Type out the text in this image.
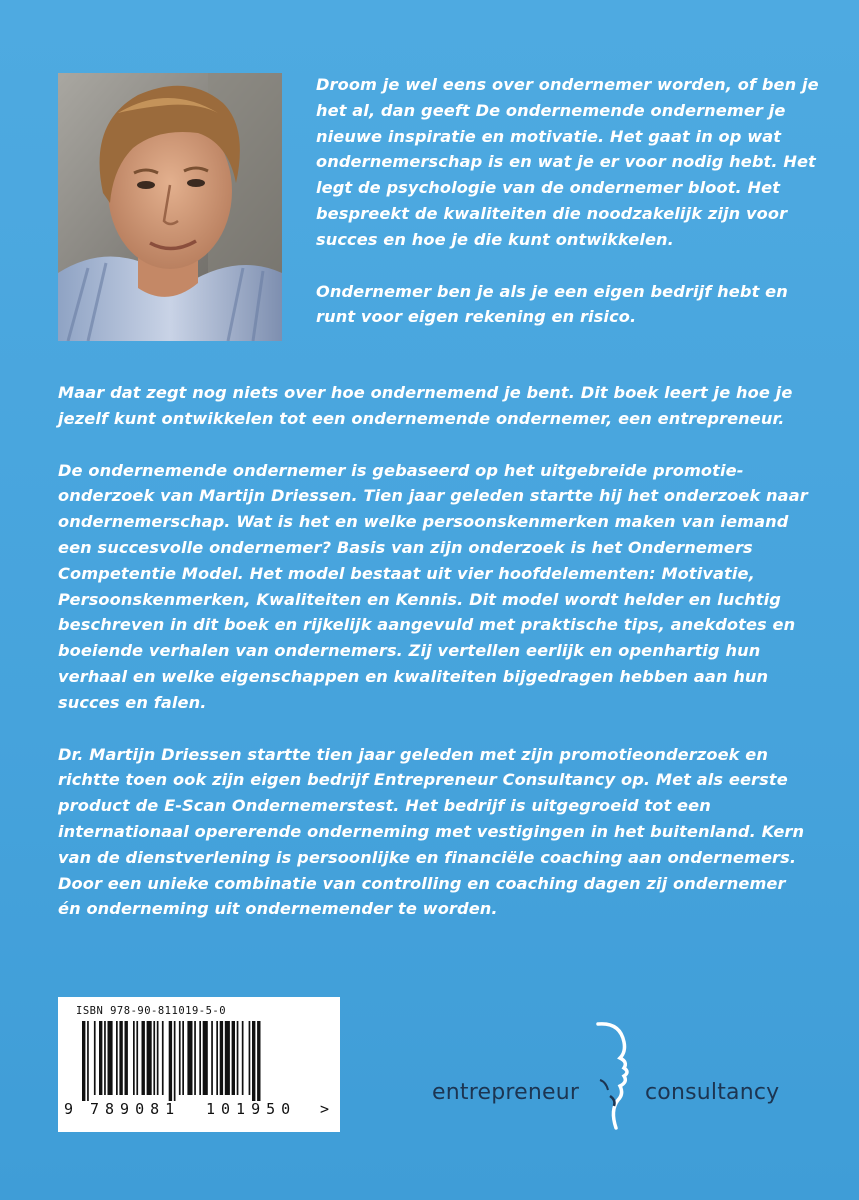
Droom je wel eens over ondernemer worden, of ben je het al, dan geeft De ondernemende ondernemer je nieuwe inspiratie en motivatie. Het gaat in op wat ondernemerschap is en wat je er voor nodig hebt. Het legt de psychologie van de ondernemer bloot. Het bespreekt de kwaliteiten die noodzakelijk zijn voor succes en hoe je die kunt ontwikkelen.

Ondernemer ben je als je een eigen bedrijf hebt en runt voor eigen rekening en risico.

Maar dat zegt nog niets over hoe ondernemend je bent. Dit boek leert je hoe je jezelf kunt ontwikkelen tot een ondernemende ondernemer, een entrepreneur.

De ondernemende ondernemer is gebaseerd op het uitgebreide promotie-onderzoek van Martijn Driessen. Tien jaar geleden startte hij het onderzoek naar ondernemerschap. Wat is het en welke persoonskenmerken maken van iemand een succesvolle ondernemer? Basis van zijn onderzoek is het Ondernemers Competentie Model. Het model bestaat uit vier hoofdelementen: Motivatie, Persoonskenmerken, Kwaliteiten en Kennis. Dit model wordt helder en luchtig beschreven in dit boek en rijkelijk aangevuld met praktische tips, anekdotes en boeiende verhalen van ondernemers. Zij vertellen eerlijk en openhartig hun verhaal en welke eigenschappen en kwaliteiten bijgedragen hebben aan hun succes en falen.

Dr. Martijn Driessen startte tien jaar geleden met zijn promotieonderzoek en richtte toen ook zijn eigen bedrijf Entrepreneur Consultancy op. Met als eerste product de E-Scan Ondernemerstest. Het bedrijf is uitgegroeid tot een internationaal opererende onderneming met vestigingen in het buitenland. Kern van de dienstverlening is persoonlijke en financiële coaching aan ondernemers. Door een unieke combinatie van controlling en coaching dagen zij ondernemer én onderneming uit ondernemender te worden.

ISBN 978-90-811019-5-0
9 789081 101950 >
entrepreneur	consultancy
